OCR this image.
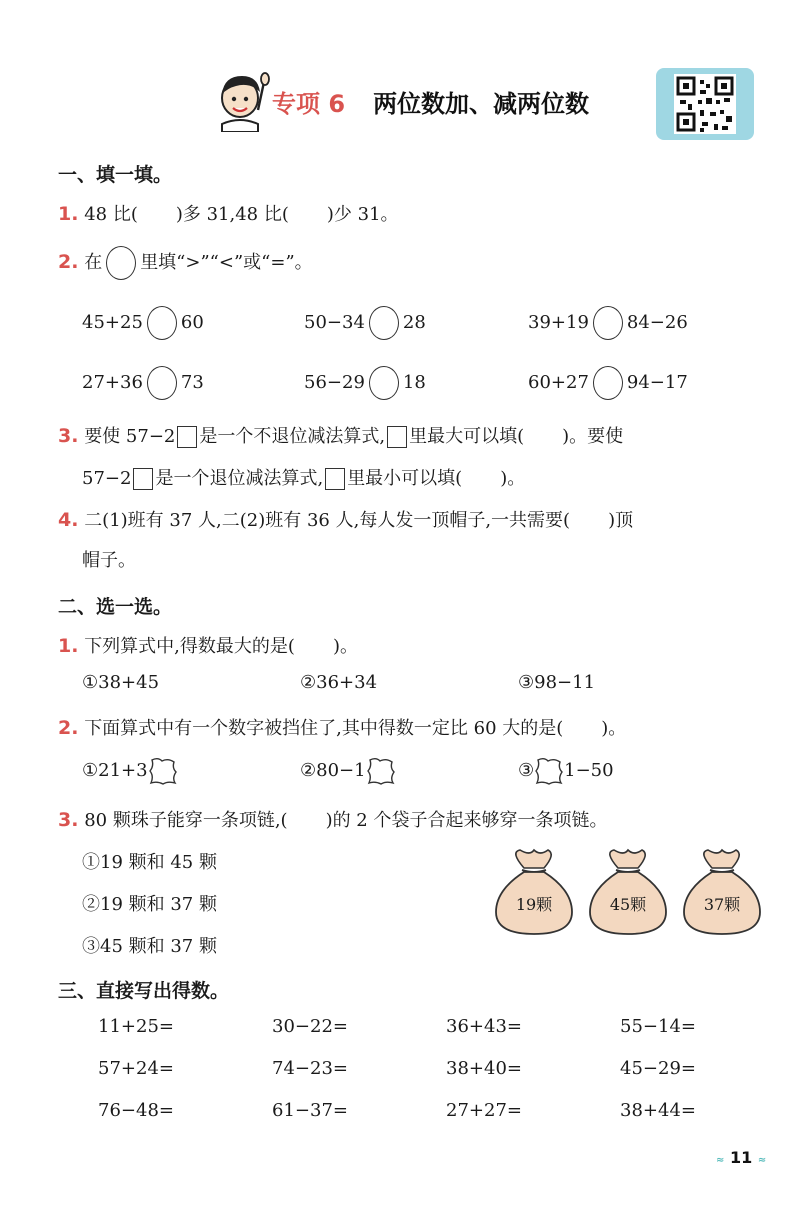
专项 6 两位数加、减两位数
一、填一填。
1. 48 比( )多 31,48 比( )少 31。
2. 在 里填“>”“<”或“=”。
45+25 60	50−34 28	39+19 84−26
27+36 73	56−29 18	60+27 94−17
3. 要使 57−2 是一个不退位减法算式, 里最大可以填( )。要使
57−2 是一个退位减法算式, 里最小可以填( )。
4. 二(1)班有 37 人,二(2)班有 36 人,每人发一顶帽子,一共需要( )顶
帽子。
二、选一选。
1. 下列算式中,得数最大的是( )。
①38+45	②36+34	③98−11
2. 下面算式中有一个数字被挡住了,其中得数一定比 60 大的是( )。
①21+3	②80−1	③ 1−50
3. 80 颗珠子能穿一条项链,( )的 2 个袋子合起来够穿一条项链。
①19 颗和 45 颗
②19 颗和 37 颗
③45 颗和 37 颗
19颗	45颗	37颗
三、直接写出得数。
11+25=	30−22=	36+43=	55−14=
57+24=	74−23=	38+40=	45−29=
76−48=	61−37=	27+27=	38+44=
≈ 11 ≈
